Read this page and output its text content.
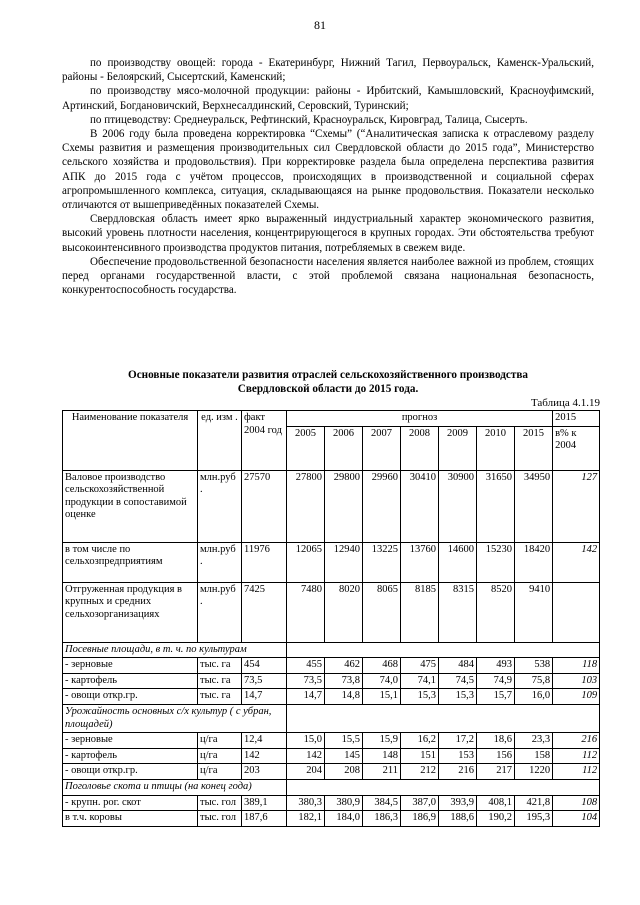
81

по производству овощей: города - Екатеринбург, Нижний Тагил, Первоуральск, Каменск-Уральский, районы - Белоярский, Сысертский, Каменский;

по производству мясо-молочной продукции: районы - Ирбитский, Камышловский, Красноуфимский, Артинский, Богдановичский, Верхнесалдинский, Серовский, Туринский;

по птицеводству: Среднеуральск, Рефтинский, Красноуральск, Кировград, Талица, Сысерть.

В 2006 году была проведена корректировка “Схемы” (“Аналитическая записка к отраслевому разделу Схемы развития и размещения производительных сил Свердловской области до 2015 года”, Министерство сельского хозяйства и продовольствия). При корректировке раздела была определена перспектива развития АПК до 2015 года с учётом процессов, происходящих в производственной и социальной сферах агропромышленного комплекса, ситуация, складывающаяся на рынке продовольствия. Показатели несколько отличаются от вышеприведённых показателей Схемы.

Свердловская область имеет ярко выраженный индустриальный характер экономического развития, высокий уровень плотности населения, концентрирующегося в крупных городах. Эти обстоятельства требуют высокоинтенсивного производства продуктов питания, потребляемых в свежем виде.

Обеспечение продовольственной безопасности населения является наиболее важной из проблем, стоящих перед органами государственной власти, с этой проблемой связана национальная безопасность, конкурентоспособность государства.

Основные показатели развития отраслей сельскохозяйственного производства
Свердловской области до 2015 года.
Таблица 4.1.19
Наименование показателя	ед. изм .	факт 2004 год	прогноз							2015
			2005	2006	2007	2008	2009	2010	2015	в% к 2004
Валовое производство сельскохозяйственной продукции в сопоставимой оценке	млн.руб .	27570	27800	29800	29960	30410	30900	31650	34950	127
в том числе по сельхозпредприятиям	млн.руб .	11976	12065	12940	13225	13760	14600	15230	18420	142
Отгруженная продукция в крупных и средних сельхозорганизациях	млн.руб .	7425	7480	8020	8065	8185	8315	8520	9410	
Посевные площади, в т. ч. по культурам										
- зерновые	тыс. га	454	455	462	468	475	484	493	538	118
- картофель	тыс. га	73,5	73,5	73,8	74,0	74,1	74,5	74,9	75,8	103
- овощи откр.гр.	тыс. га	14,7	14,7	14,8	15,1	15,3	15,3	15,7	16,0	109
Урожайность основных с/х культур ( с убран, площадей)										
- зерновые	ц/га	12,4	15,0	15,5	15,9	16,2	17,2	18,6	23,3	216
- картофель	ц/га	142	142	145	148	151	153	156	158	112
- овощи откр.гр.	ц/га	203	204	208	211	212	216	217	1220	112
Поголовье скота и птицы (на конец года)										
- крупн. рог. скот	тыс. гол	389,1	380,3	380,9	384,5	387,0	393,9	408,1	421,8	108
в т.ч. коровы	тыс. гол	187,6	182,1	184,0	186,3	186,9	188,6	190,2	195,3	104
